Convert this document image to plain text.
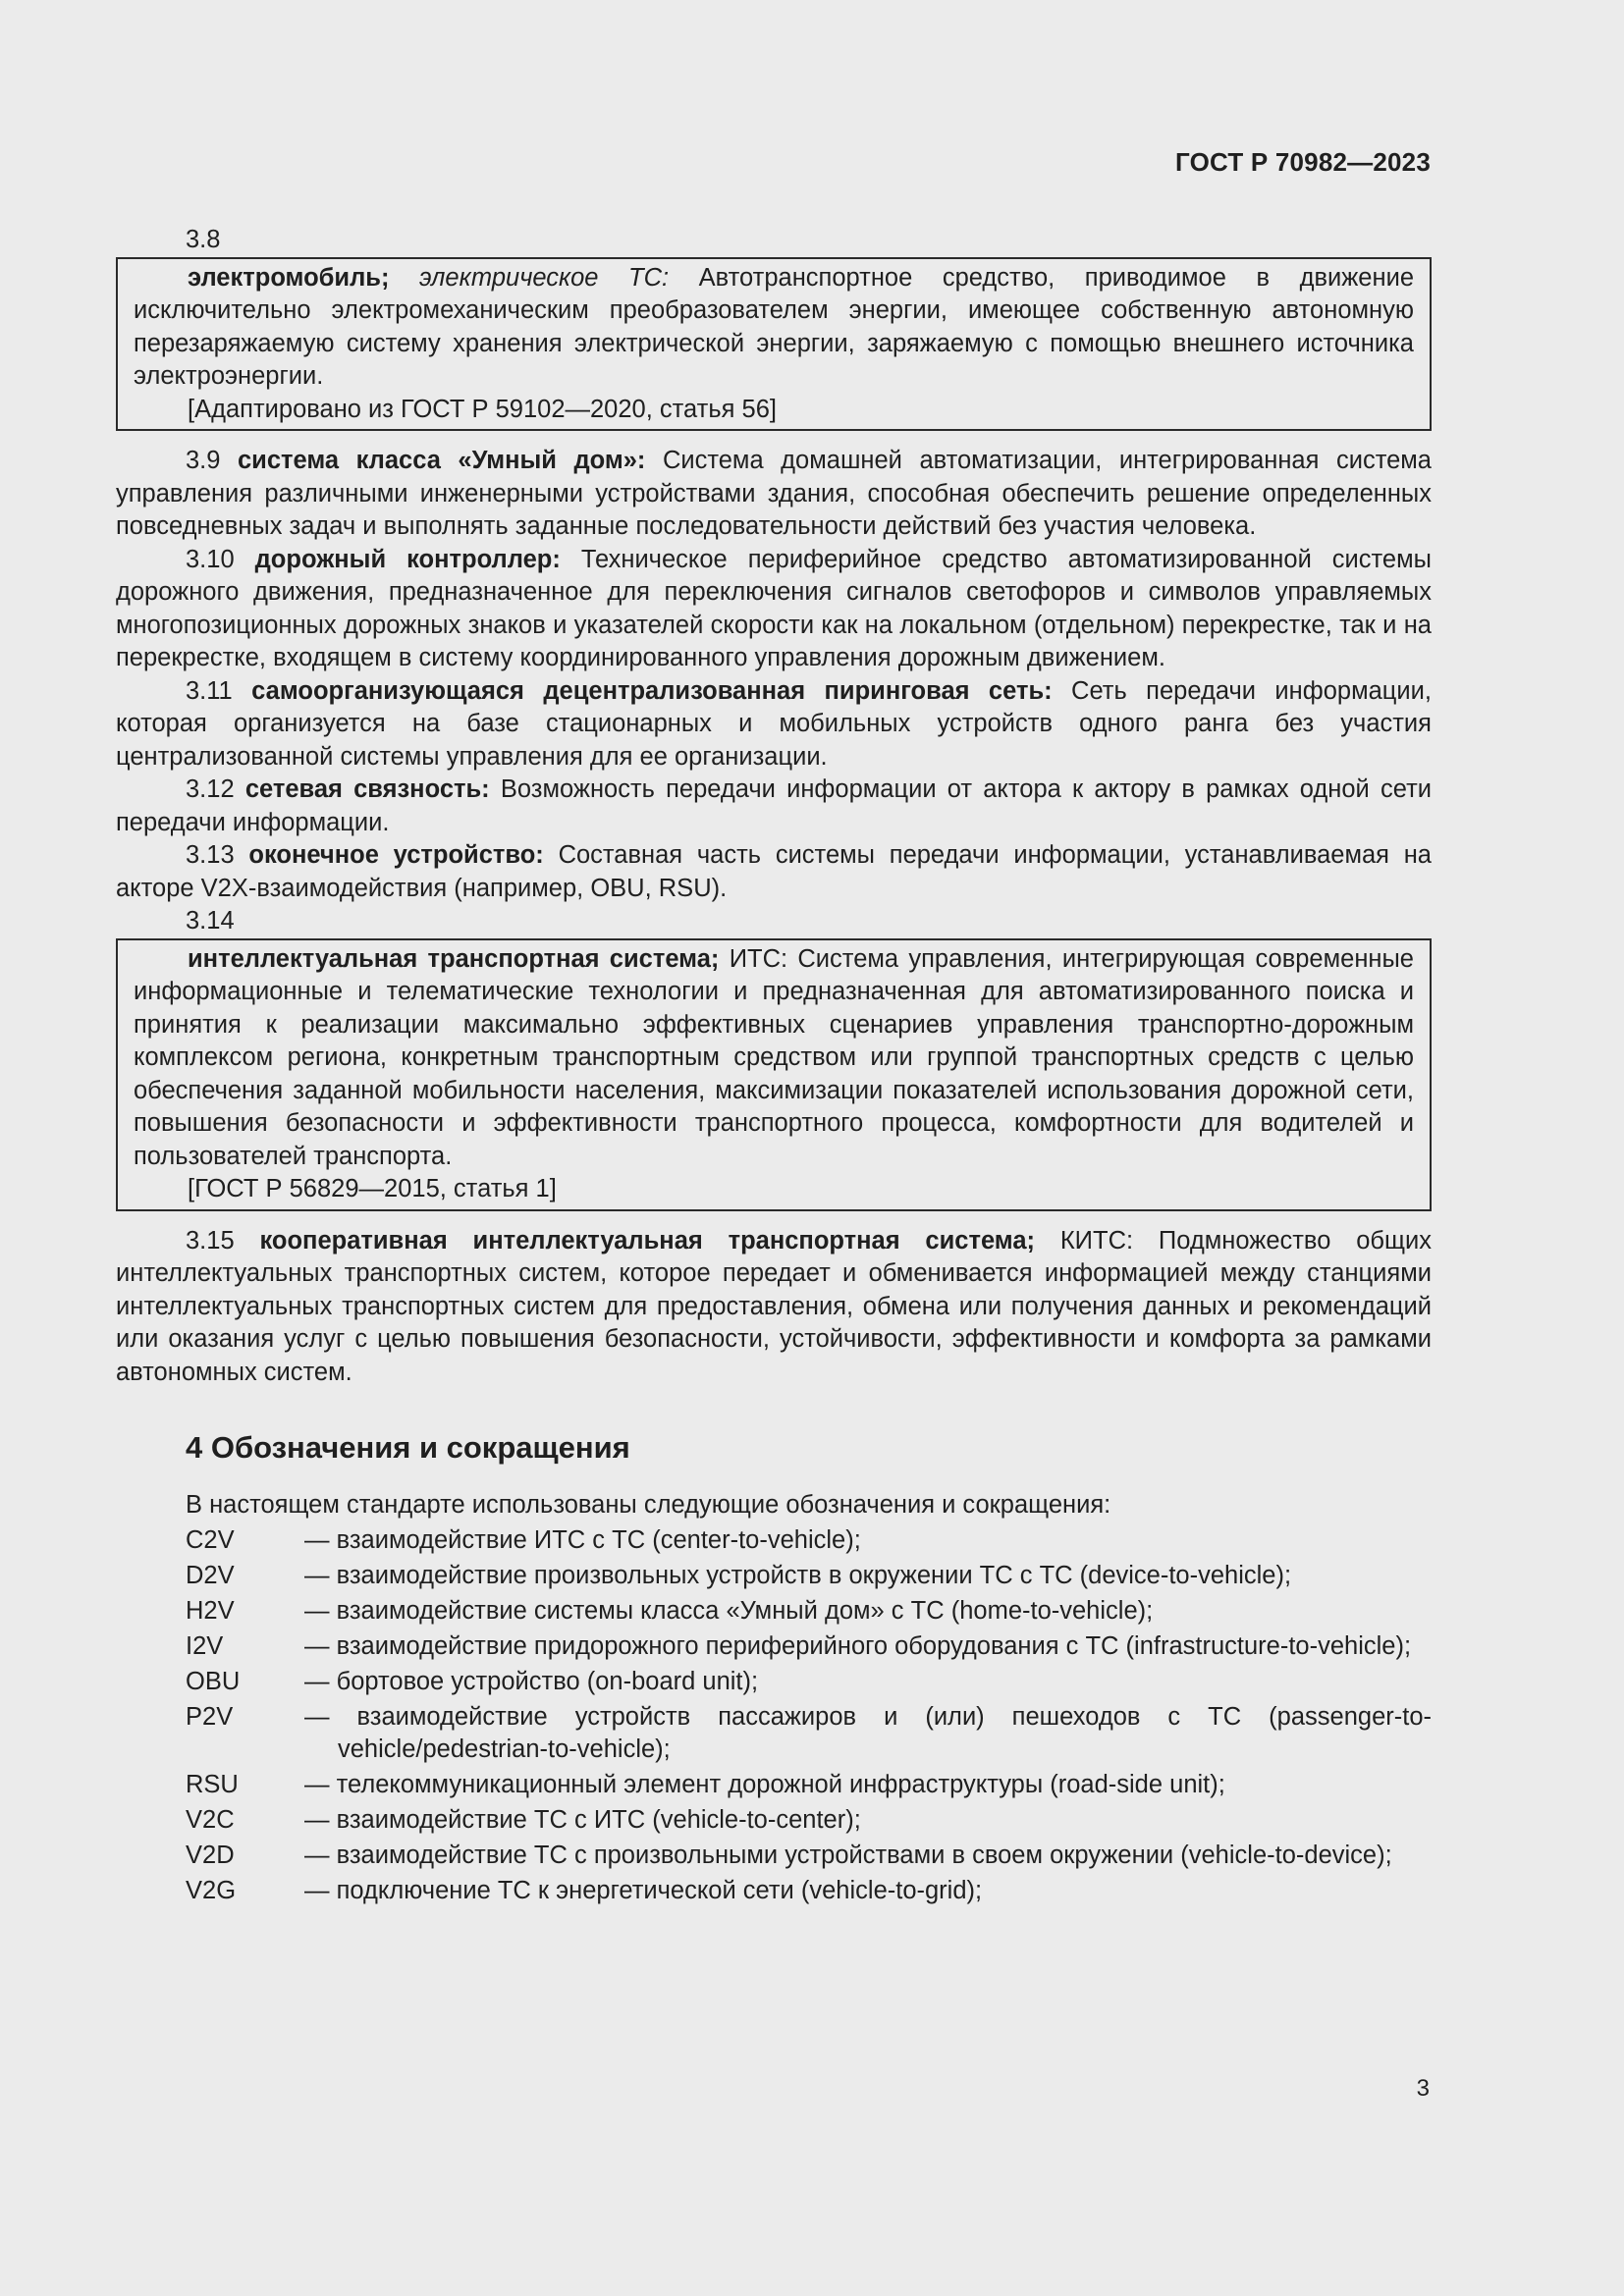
ГОСТ Р 70982—2023
3.8

электромобиль; электрическое ТС: Автотранспортное средство, приводимое в движение исключительно электромеханическим преобразователем энергии, имеющее собственную автономную перезаряжаемую систему хранения электрической энергии, заряжаемую с помощью внешнего источника электроэнергии.

[Адаптировано из ГОСТ Р 59102—2020, статья 56]

3.9 система класса «Умный дом»: Система домашней автоматизации, интегрированная система управления различными инженерными устройствами здания, способная обеспечить решение определенных повседневных задач и выполнять заданные последовательности действий без участия человека.

3.10 дорожный контроллер: Техническое периферийное средство автоматизированной системы дорожного движения, предназначенное для переключения сигналов светофоров и символов управляемых многопозиционных дорожных знаков и указателей скорости как на локальном (отдельном) перекрестке, так и на перекрестке, входящем в систему координированного управления дорожным движением.

3.11 самоорганизующаяся децентрализованная пиринговая сеть: Сеть передачи информации, которая организуется на базе стационарных и мобильных устройств одного ранга без участия централизованной системы управления для ее организации.

3.12 сетевая связность: Возможность передачи информации от актора к актору в рамках одной сети передачи информации.

3.13 оконечное устройство: Составная часть системы передачи информации, устанавливаемая на акторе V2X-взаимодействия (например, OBU, RSU).

3.14

интеллектуальная транспортная система; ИТС: Система управления, интегрирующая современные информационные и телематические технологии и предназначенная для автоматизированного поиска и принятия к реализации максимально эффективных сценариев управления транспортно-дорожным комплексом региона, конкретным транспортным средством или группой транспортных средств с целью обеспечения заданной мобильности населения, максимизации показателей использования дорожной сети, повышения безопасности и эффективности транспортного процесса, комфортности для водителей и пользователей транспорта.

[ГОСТ Р 56829—2015, статья 1]

3.15 кооперативная интеллектуальная транспортная система; КИТС: Подмножество общих интеллектуальных транспортных систем, которое передает и обменивается информацией между станциями интеллектуальных транспортных систем для предоставления, обмена или получения данных и рекомендаций или оказания услуг с целью повышения безопасности, устойчивости, эффективности и комфорта за рамками автономных систем.

4 Обозначения и сокращения
В настоящем стандарте использованы следующие обозначения и сокращения:
C2V	— взаимодействие ИТС с ТС (center-to-vehicle);
D2V	— взаимодействие произвольных устройств в окружении ТС с ТС (device-to-vehicle);
H2V	— взаимодействие системы класса «Умный дом» с ТС (home-to-vehicle);
I2V	— взаимодействие придорожного периферийного оборудования с ТС (infrastructure-to-vehicle);
OBU	— бортовое устройство (on-board unit);
P2V	— взаимодействие устройств пассажиров и (или) пешеходов с ТС (passenger-to-vehicle/pedestrian-to-vehicle);
RSU	— телекоммуникационный элемент дорожной инфраструктуры (road-side unit);
V2C	— взаимодействие ТС с ИТС (vehicle-to-center);
V2D	— взаимодействие ТС с произвольными устройствами в своем окружении (vehicle-to-device);
V2G	— подключение ТС к энергетической сети (vehicle-to-grid);
3
